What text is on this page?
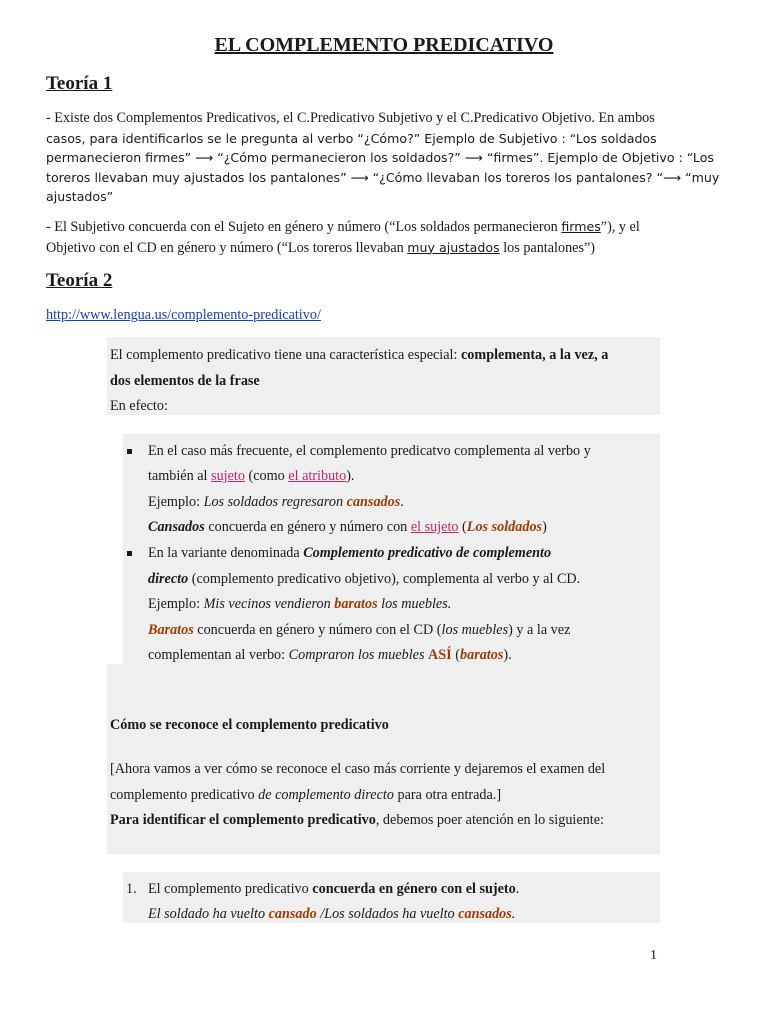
EL COMPLEMENTO PREDICATIVO
Teoría 1
- Existe dos Complementos Predicativos, el C.Predicativo Subjetivo y el C.Predicativo Objetivo. En ambos
casos, para identificarlos se le pregunta al verbo “¿Cómo?” Ejemplo de Subjetivo : “Los soldados
permanecieron firmes” ⟶ “¿Cómo permanecieron los soldados?” ⟶ “firmes”. Ejemplo de Objetivo : “Los
toreros llevaban muy ajustados los pantalones” ⟶ “¿Cómo llevaban los toreros los pantalones? “⟶ “muy
ajustados”
- El Subjetivo concuerda con el Sujeto en género y número (“Los soldados permanecieron firmes”), y el
Objetivo con el CD en género y número (“Los toreros llevaban muy ajustados los pantalones”)
Teoría 2
http://www.lengua.us/complemento-predicativo/
El complemento predicativo tiene una característica especial: complementa, a la vez, a
dos elementos de la frase
En efecto:
En el caso más frecuente, el complemento predicatvo complementa al verbo y
también al sujeto (como el atributo).
Ejemplo: Los soldados regresaron cansados.
Cansados concuerda en género y número con el sujeto (Los soldados)
En la variante denominada Complemento predicativo de complemento
directo (complemento predicativo objetivo), complementa al verbo y al CD.
Ejemplo: Mis vecinos vendieron baratos los muebles.
Baratos concuerda en género y número con el CD (los muebles) y a la vez
complementan al verbo: Compraron los muebles ASÍ (baratos).
Cómo se reconoce el complemento predicativo
[Ahora vamos a ver cómo se reconoce el caso más corriente y dejaremos el examen del
complemento predicativo de complemento directo para otra entrada.]
Para identificar el complemento predicativo, debemos poer atención en lo siguiente:
1. El complemento predicativo concuerda en género con el sujeto.
El soldado ha vuelto cansado /Los soldados ha vuelto cansados.
1
